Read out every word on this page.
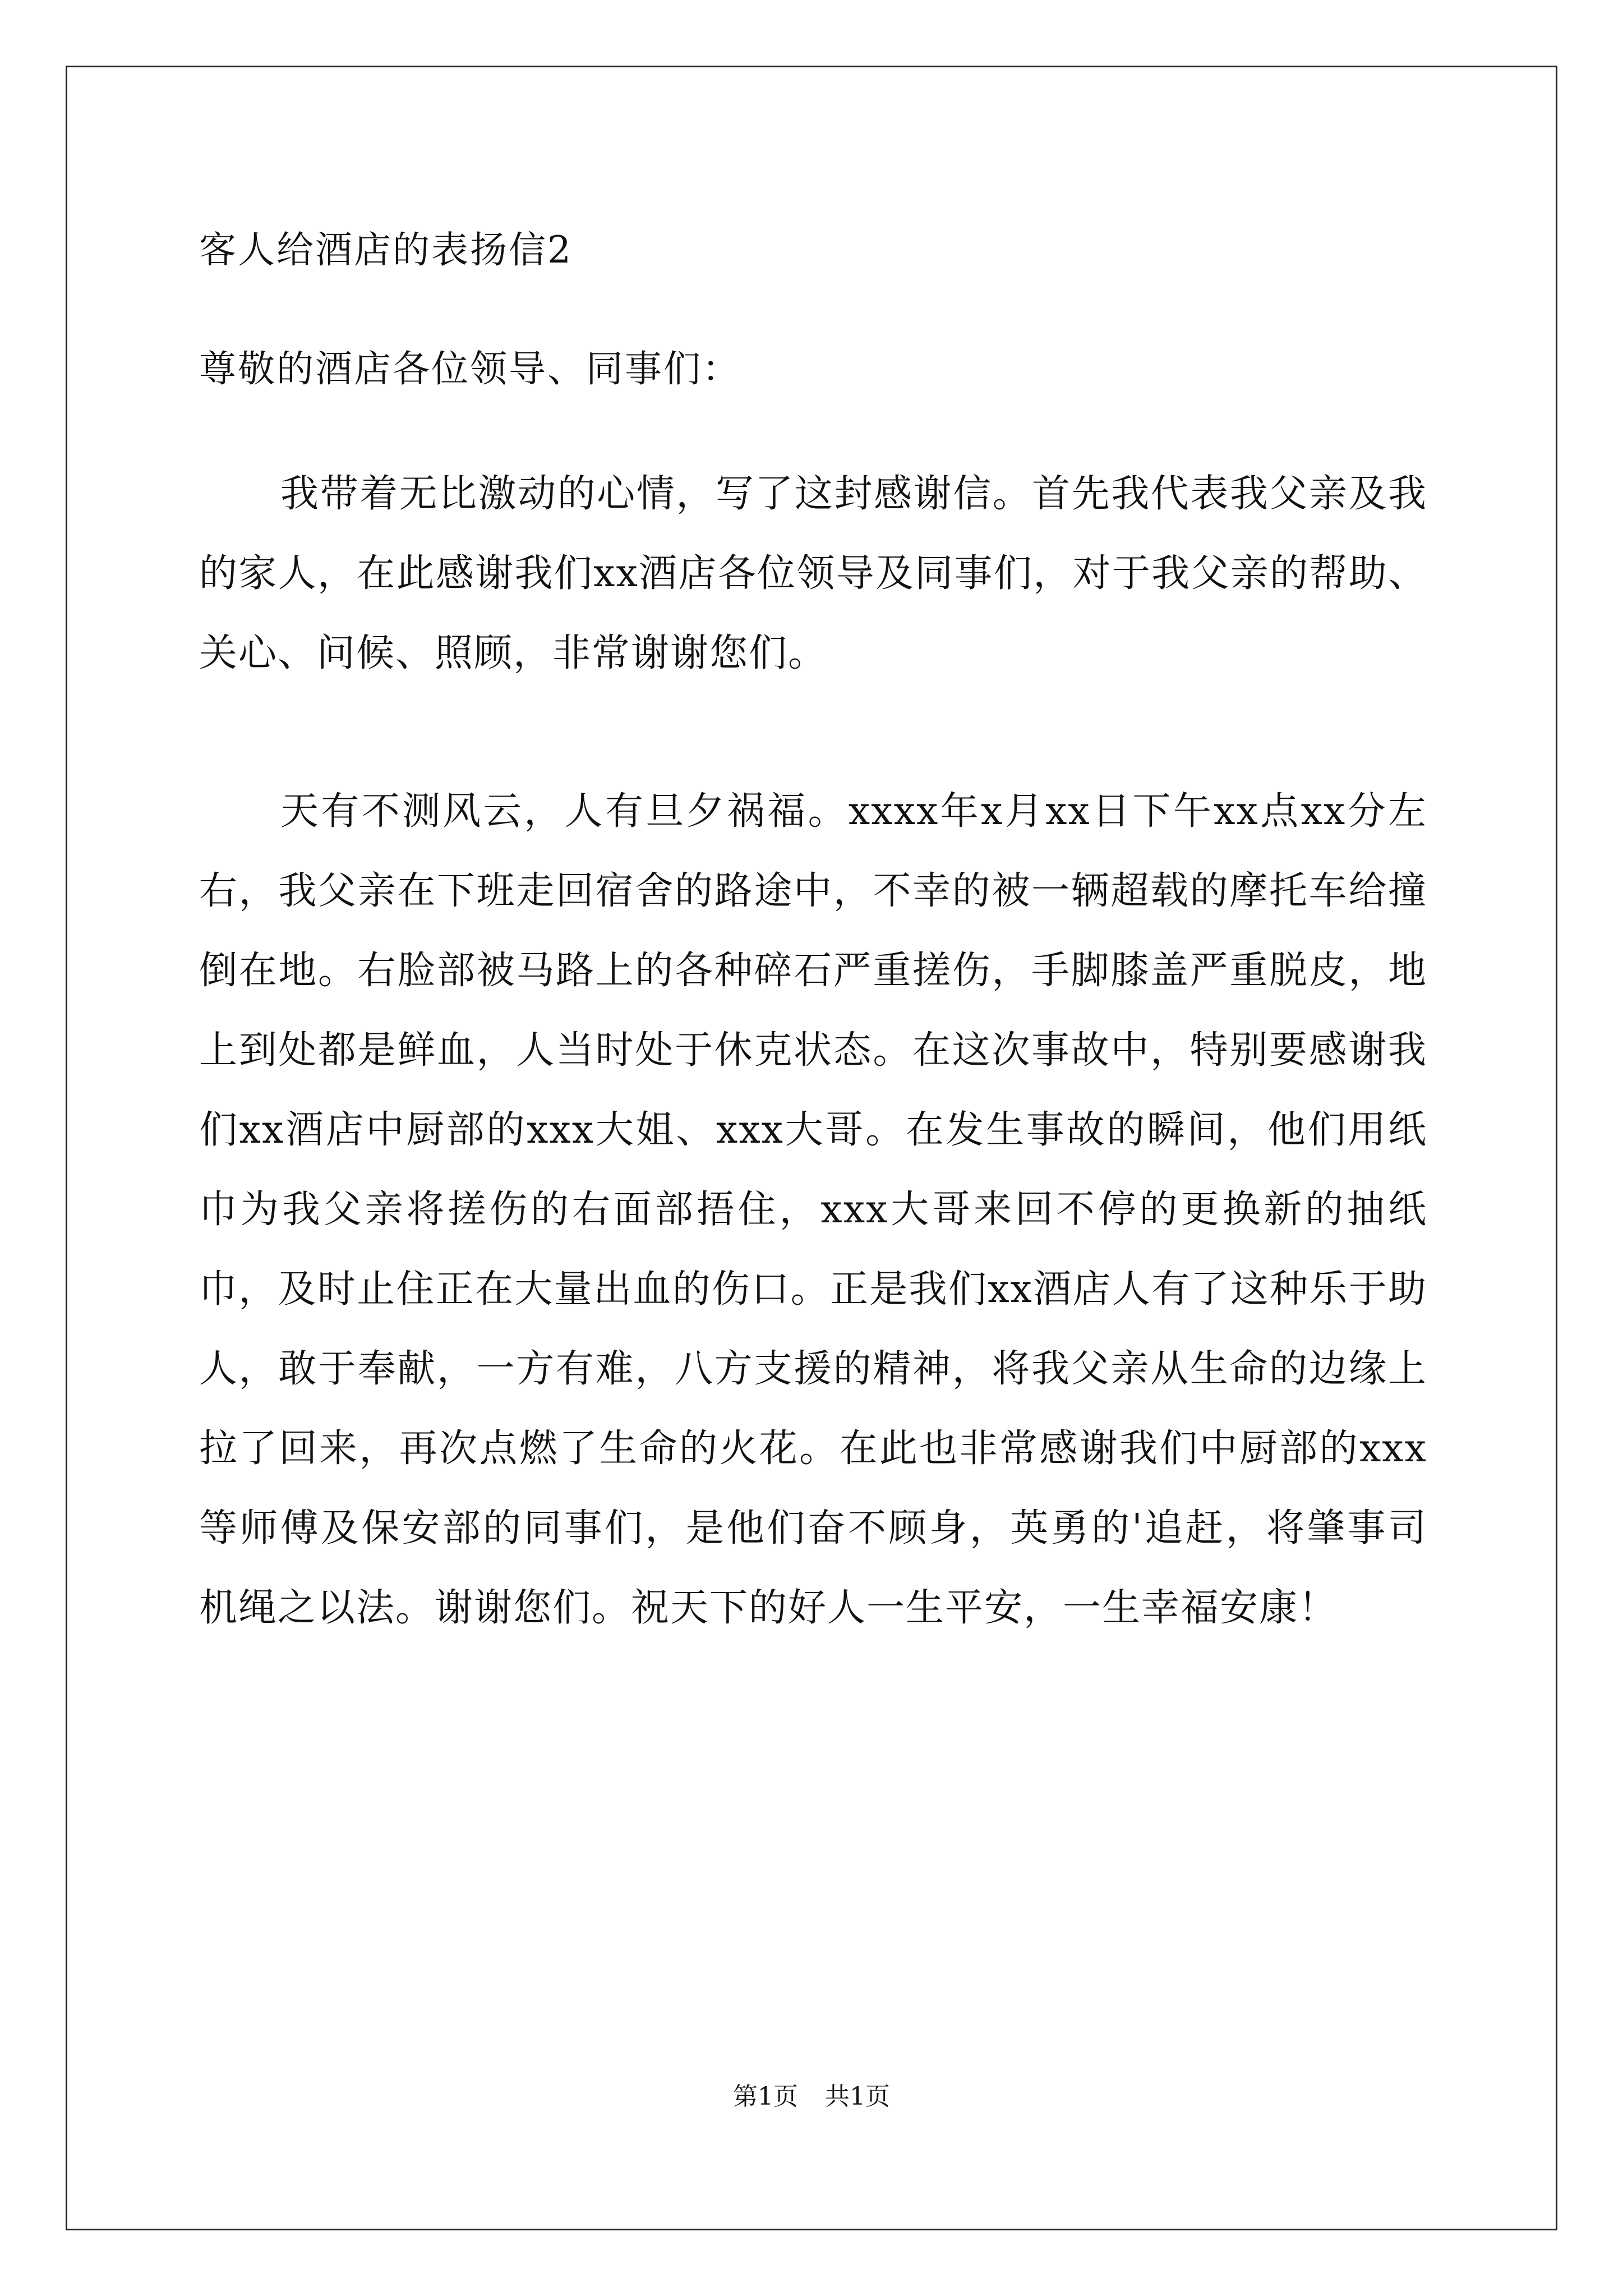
客人给酒店的表扬信2

尊敬的酒店各位领导、同事们：

我带着无比激动的心情，写了这封感谢信。首先我代表我父亲及我的家人，在此感谢我们xx酒店各位领导及同事们，对于我父亲的帮助、关心、问候、照顾，非常谢谢您们。

天有不测风云，人有旦夕祸福。xxxx年x月xx日下午xx点xx分左右，我父亲在下班走回宿舍的路途中，不幸的被一辆超载的摩托车给撞倒在地。右脸部被马路上的各种碎石严重搓伤，手脚膝盖严重脱皮，地上到处都是鲜血，人当时处于休克状态。在这次事故中，特别要感谢我们xx酒店中厨部的xxx大姐、xxx大哥。在发生事故的瞬间，他们用纸巾为我父亲将搓伤的右面部捂住，xxx大哥来回不停的更换新的抽纸巾，及时止住正在大量出血的伤口。正是我们xx酒店人有了这种乐于助人，敢于奉献，一方有难，八方支援的精神，将我父亲从生命的边缘上拉了回来，再次点燃了生命的火花。在此也非常感谢我们中厨部的xxx等师傅及保安部的同事们，是他们奋不顾身，英勇的'追赶，将肇事司机绳之以法。谢谢您们。祝天下的好人一生平安，一生幸福安康！

第1页 共1页
